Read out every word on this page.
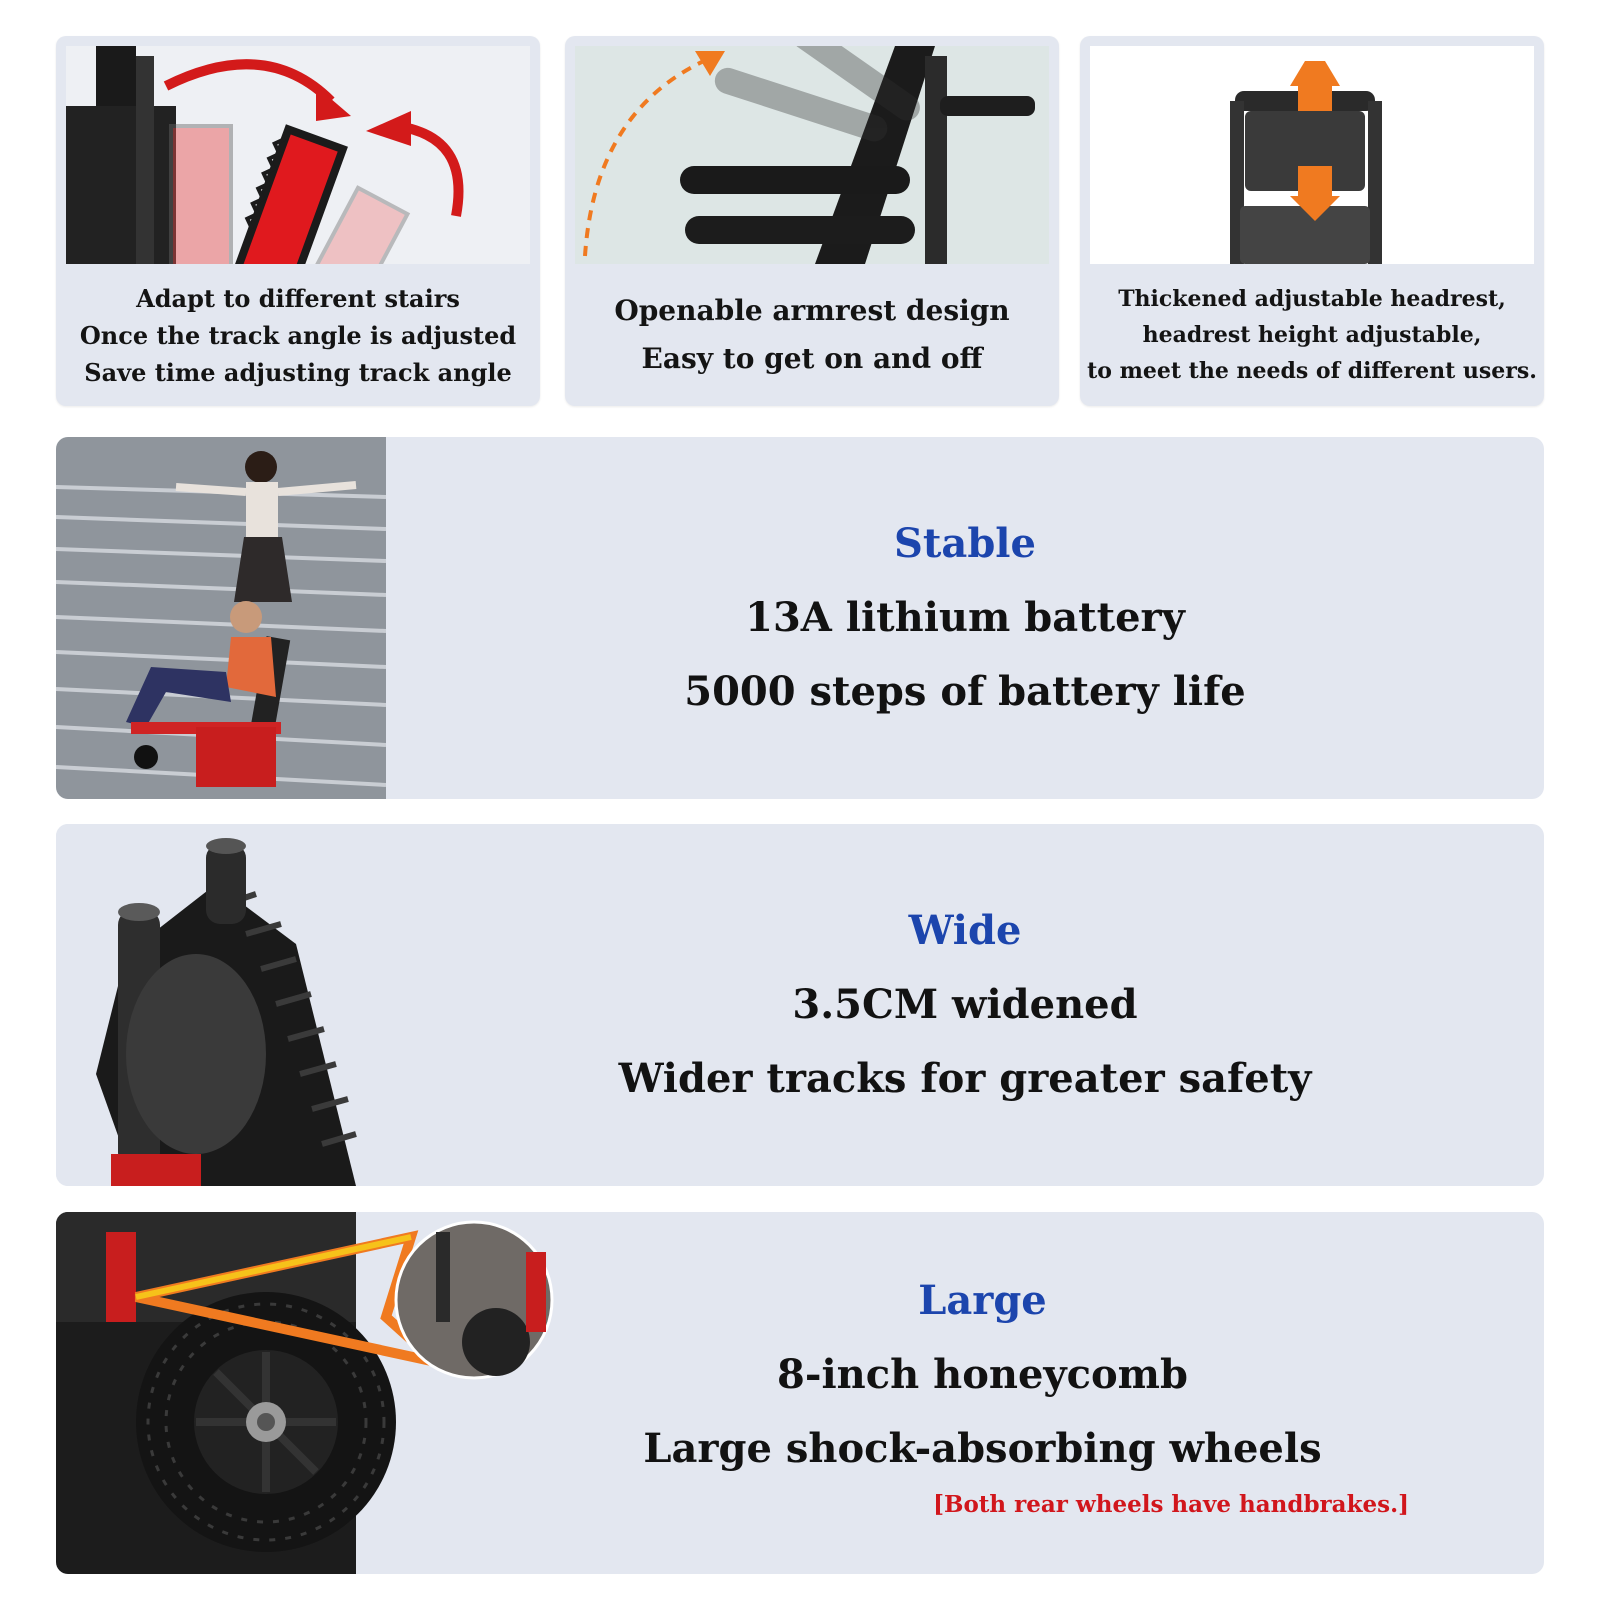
Adapt to different stairs
Once the track angle is adjusted
Save time adjusting track angle
Openable armrest design
Easy to get on and off
Thickened adjustable headrest,
headrest height adjustable,
to meet the needs of different users.
Stable
13A lithium battery
5000 steps of battery life
Wide
3.5CM widened
Wider tracks for greater safety
Large
8-inch honeycomb
Large shock-absorbing wheels
[Both rear wheels have handbrakes.]
